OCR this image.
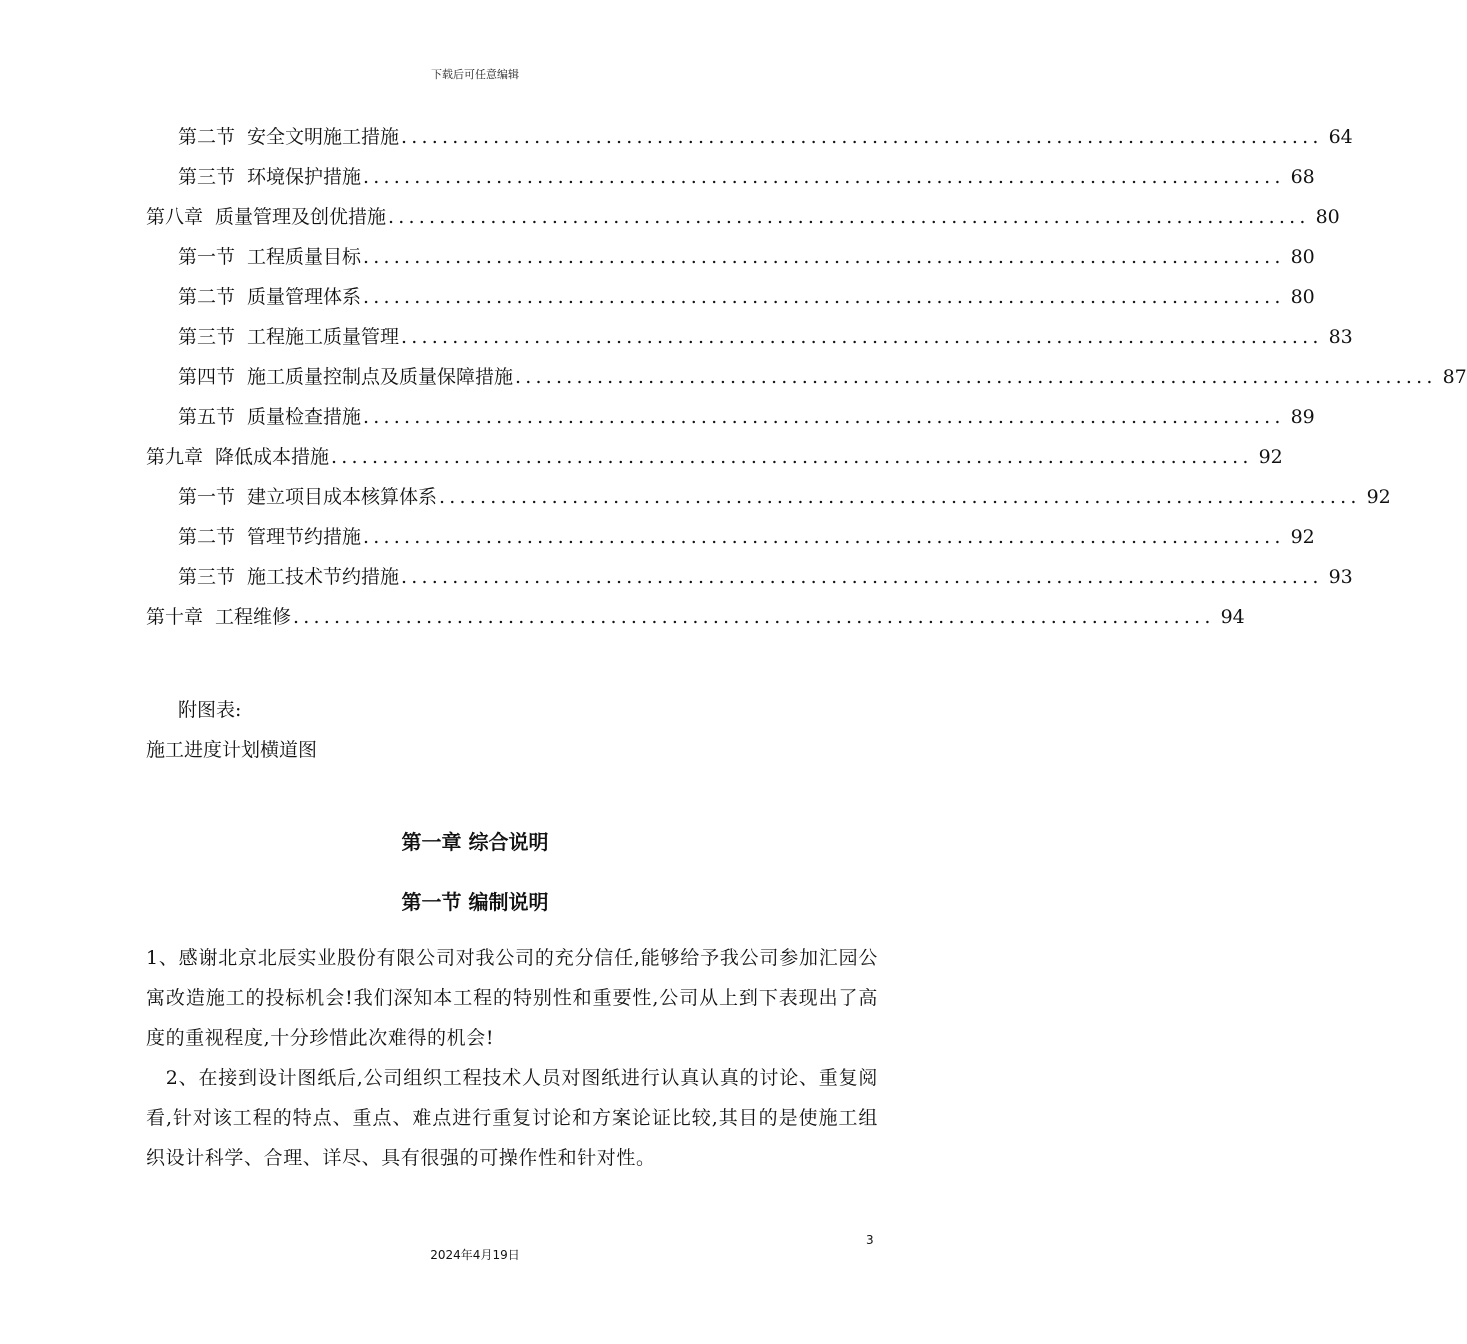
下载后可任意编辑
第二节 安全文明施工措施 .......................................................................................... 64
第三节 环境保护措施 .......................................................................................... 68
第八章 质量管理及创优措施 .......................................................................................... 80
第一节 工程质量目标 .......................................................................................... 80
第二节 质量管理体系 .......................................................................................... 80
第三节 工程施工质量管理 .......................................................................................... 83
第四节 施工质量控制点及质量保障措施 .......................................................................................... 87
第五节 质量检查措施 .......................................................................................... 89
第九章 降低成本措施 .......................................................................................... 92
第一节 建立项目成本核算体系 .......................................................................................... 92
第二节 管理节约措施 .......................................................................................... 92
第三节 施工技术节约措施 .......................................................................................... 93
第十章 工程维修 .......................................................................................... 94
附图表:
施工进度计划横道图
第一章 综合说明
第一节 编制说明
1、感谢北京北辰实业股份有限公司对我公司的充分信任,能够给予我公司参加汇园公寓改造施工的投标机会!我们深知本工程的特别性和重要性,公司从上到下表现出了高度的重视程度,十分珍惜此次难得的机会!
　2、在接到设计图纸后,公司组织工程技术人员对图纸进行认真认真的讨论、重复阅看,针对该工程的特点、重点、难点进行重复讨论和方案论证比较,其目的是使施工组织设计科学、合理、详尽、具有很强的可操作性和针对性。
3
2024年4月19日
